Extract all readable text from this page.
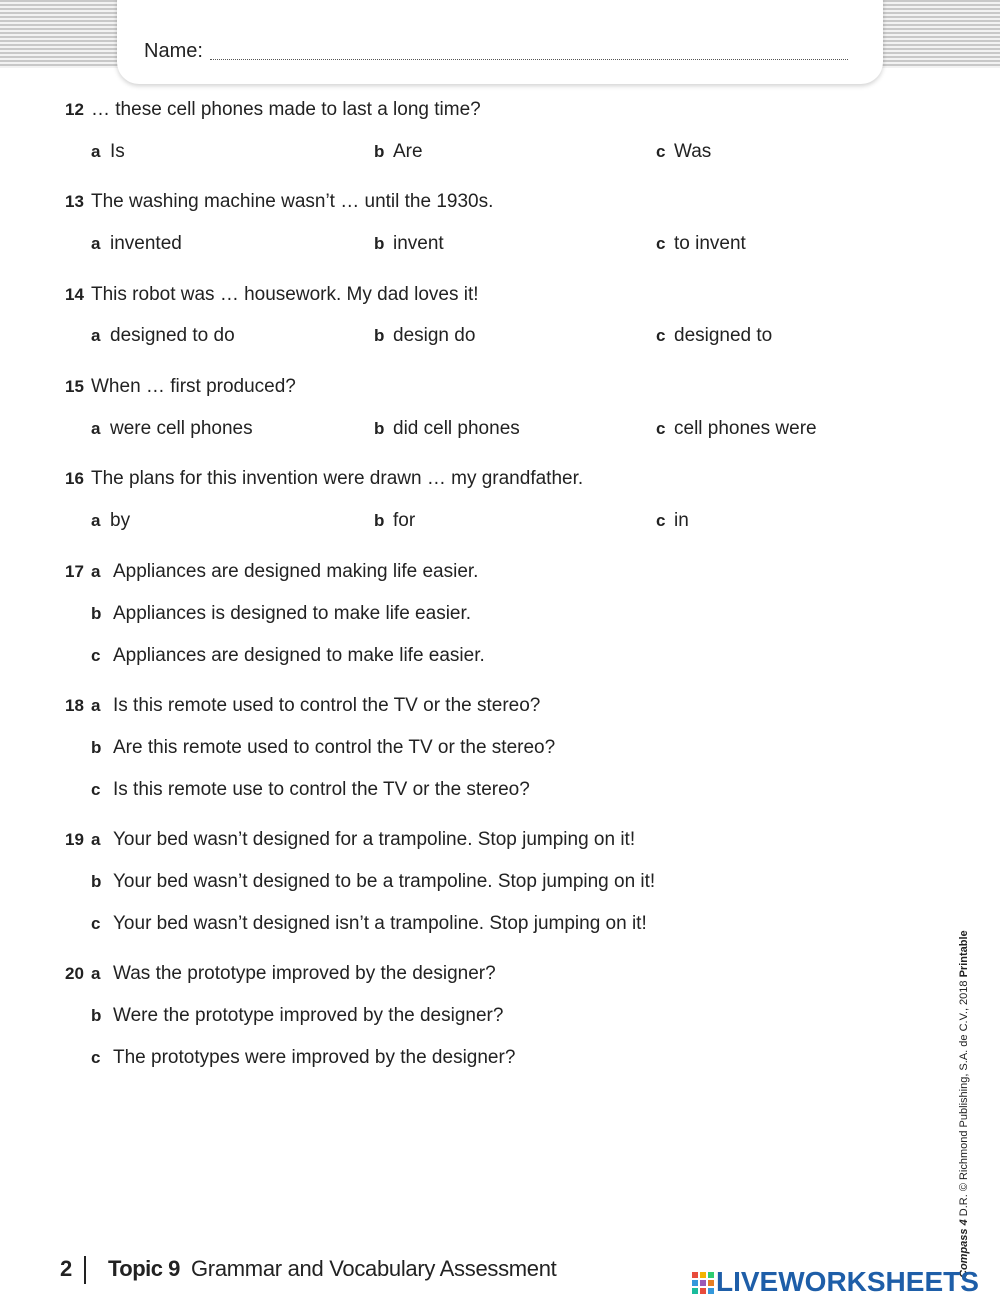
Name:
12 … these cell phones made to last a long time?
a Is	b Are	c Was
13 The washing machine wasn’t … until the 1930s.
a invented	b invent	c to invent
14 This robot was … housework. My dad loves it!
a designed to do	b design do	c designed to
15 When … first produced?
a were cell phones	b did cell phones	c cell phones were
16 The plans for this invention were drawn … my grandfather.
a by	b for	c in
17 a Appliances are designed making life easier.
b Appliances is designed to make life easier.
c Appliances are designed to make life easier.
18 a Is this remote used to control the TV or the stereo?
b Are this remote used to control the TV or the stereo?
c Is this remote use to control the TV or the stereo?
19 a Your bed wasn’t designed for a trampoline. Stop jumping on it!
b Your bed wasn’t designed to be a trampoline. Stop jumping on it!
c Your bed wasn’t designed isn’t a trampoline. Stop jumping on it!
20 a Was the prototype improved by the designer?
b Were the prototype improved by the designer?
c The prototypes were improved by the designer?
Compass 4 D.R. © Richmond Publishing, S.A. de C.V., 2018 Printable
2 Topic 9 Grammar and Vocabulary Assessment	LIVEWORKSHEETS
